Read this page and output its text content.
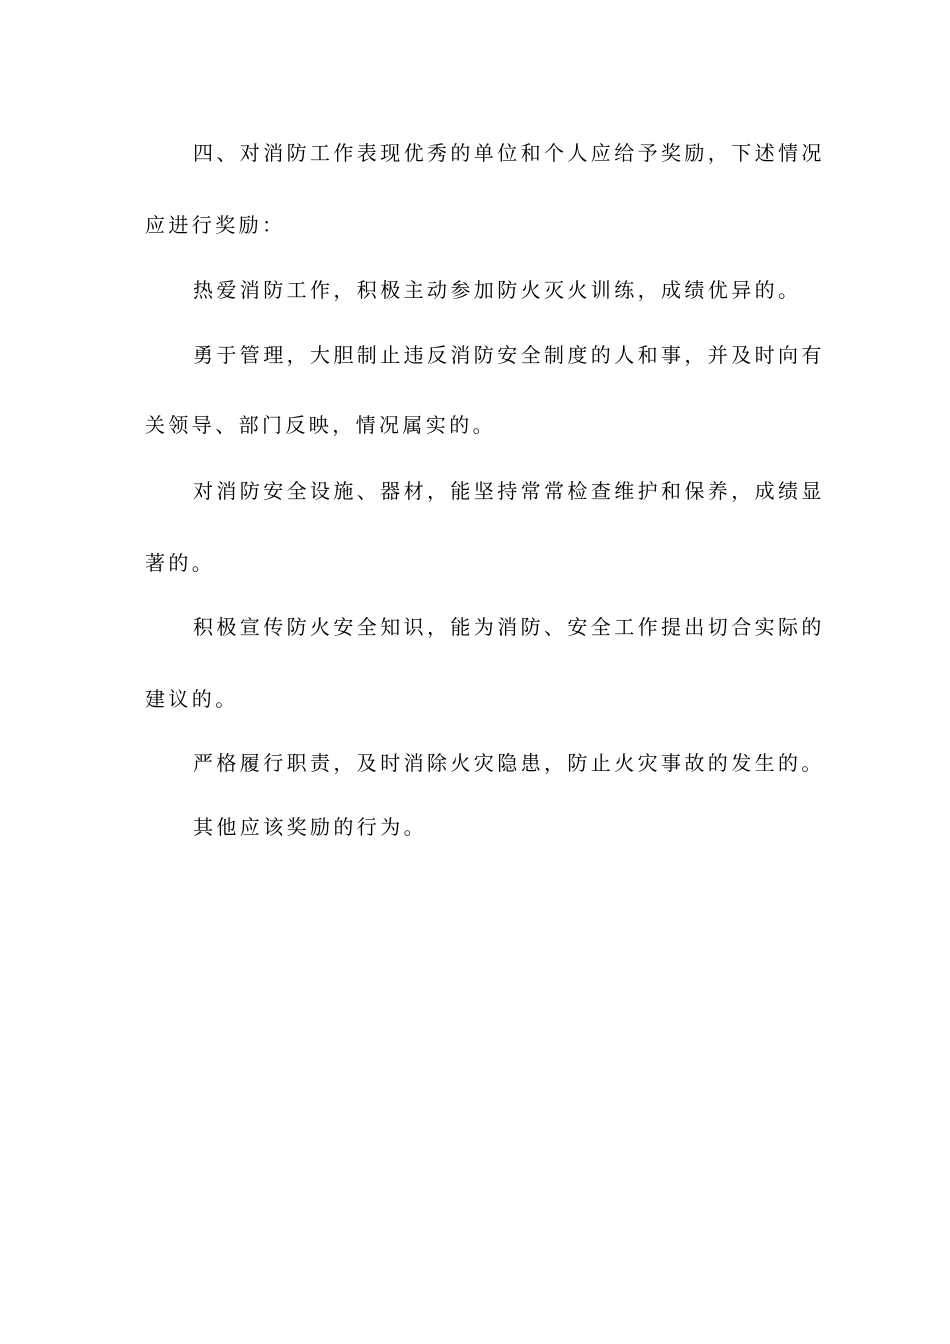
四、对消防工作表现优秀的单位和个人应给予奖励，下述情况
应进行奖励：
热爱消防工作，积极主动参加防火灭火训练，成绩优异的。
勇于管理，大胆制止违反消防安全制度的人和事，并及时向有
关领导、部门反映，情况属实的。
对消防安全设施、器材，能坚持常常检查维护和保养，成绩显
著的。
积极宣传防火安全知识，能为消防、安全工作提出切合实际的
建议的。
严格履行职责，及时消除火灾隐患，防止火灾事故的发生的。
其他应该奖励的行为。
